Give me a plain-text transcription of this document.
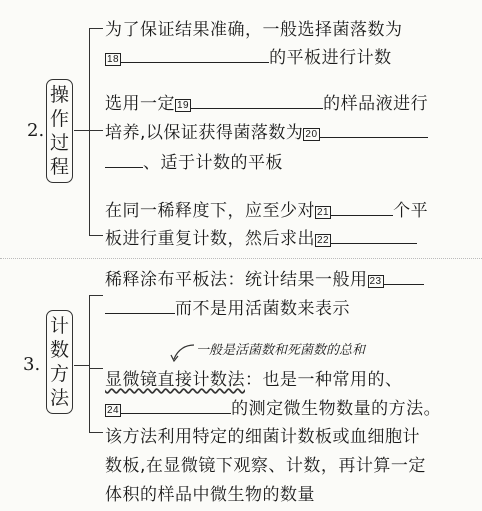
2.
操
作
过
程
为了保证结果准确，一般选择菌落数为
18	的平板进行计数
选用一定 19	的样品液进行
培养,以保证获得菌落数为 20
、适于计数的平板
在同一稀释度下，应至少对 21	个平
板进行重复计数，然后求出 22
3.
计
数
方
法
稀释涂布平板法：统计结果一般用 23
而不是用活菌数来表示
一般是活菌数和死菌数的总和
显微镜直接计数法：也是一种常用的、
24	的测定微生物数量的方法。
该方法利用特定的细菌计数板或血细胞计
数板,在显微镜下观察、计数，再计算一定
体积的样品中微生物的数量
